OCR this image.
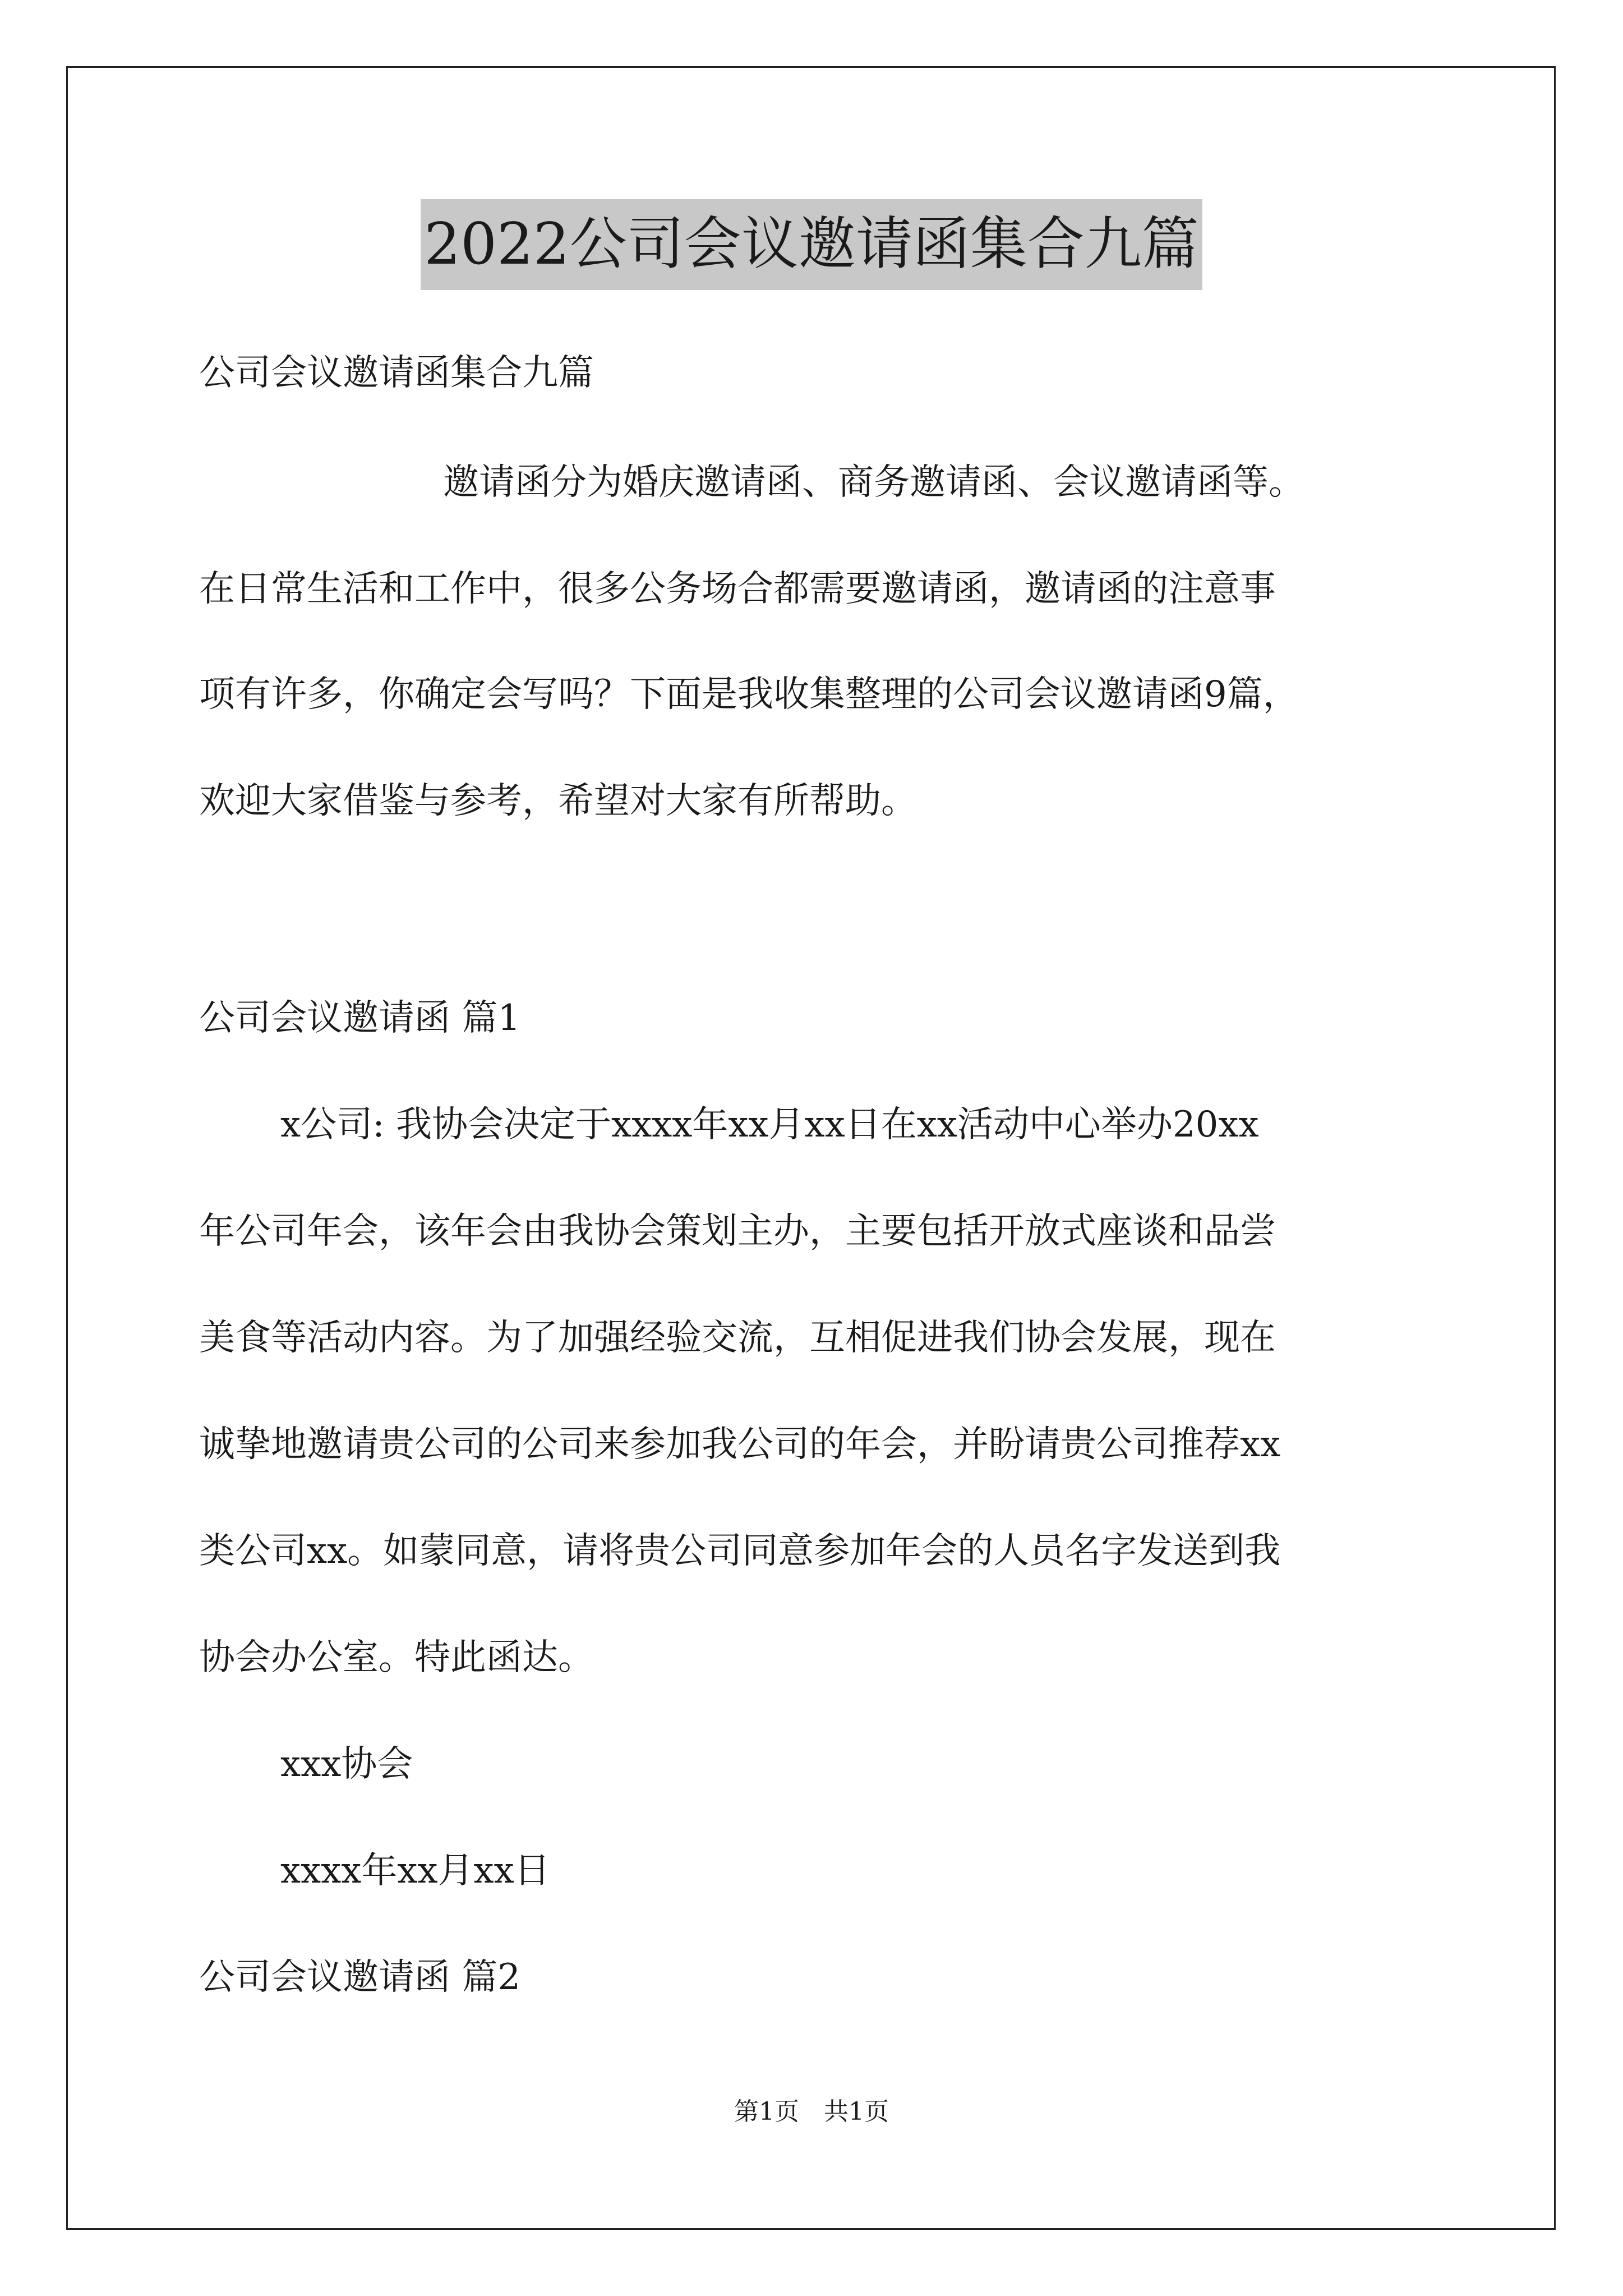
2022公司会议邀请函集合九篇
公司会议邀请函集合九篇
邀请函分为婚庆邀请函、商务邀请函、会议邀请函等。
在日常生活和工作中，很多公务场合都需要邀请函，邀请函的注意事
项有许多，你确定会写吗？下面是我收集整理的公司会议邀请函9篇，
欢迎大家借鉴与参考，希望对大家有所帮助。
公司会议邀请函 篇1
x公司: 我协会决定于xxxx年xx月xx日在xx活动中心举办20xx
年公司年会，该年会由我协会策划主办，主要包括开放式座谈和品尝
美食等活动内容。为了加强经验交流，互相促进我们协会发展，现在
诚挚地邀请贵公司的公司来参加我公司的年会，并盼请贵公司推荐xx
类公司xx。如蒙同意，请将贵公司同意参加年会的人员名字发送到我
协会办公室。特此函达。
xxx协会
xxxx年xx月xx日
公司会议邀请函 篇2
第1页　共1页
